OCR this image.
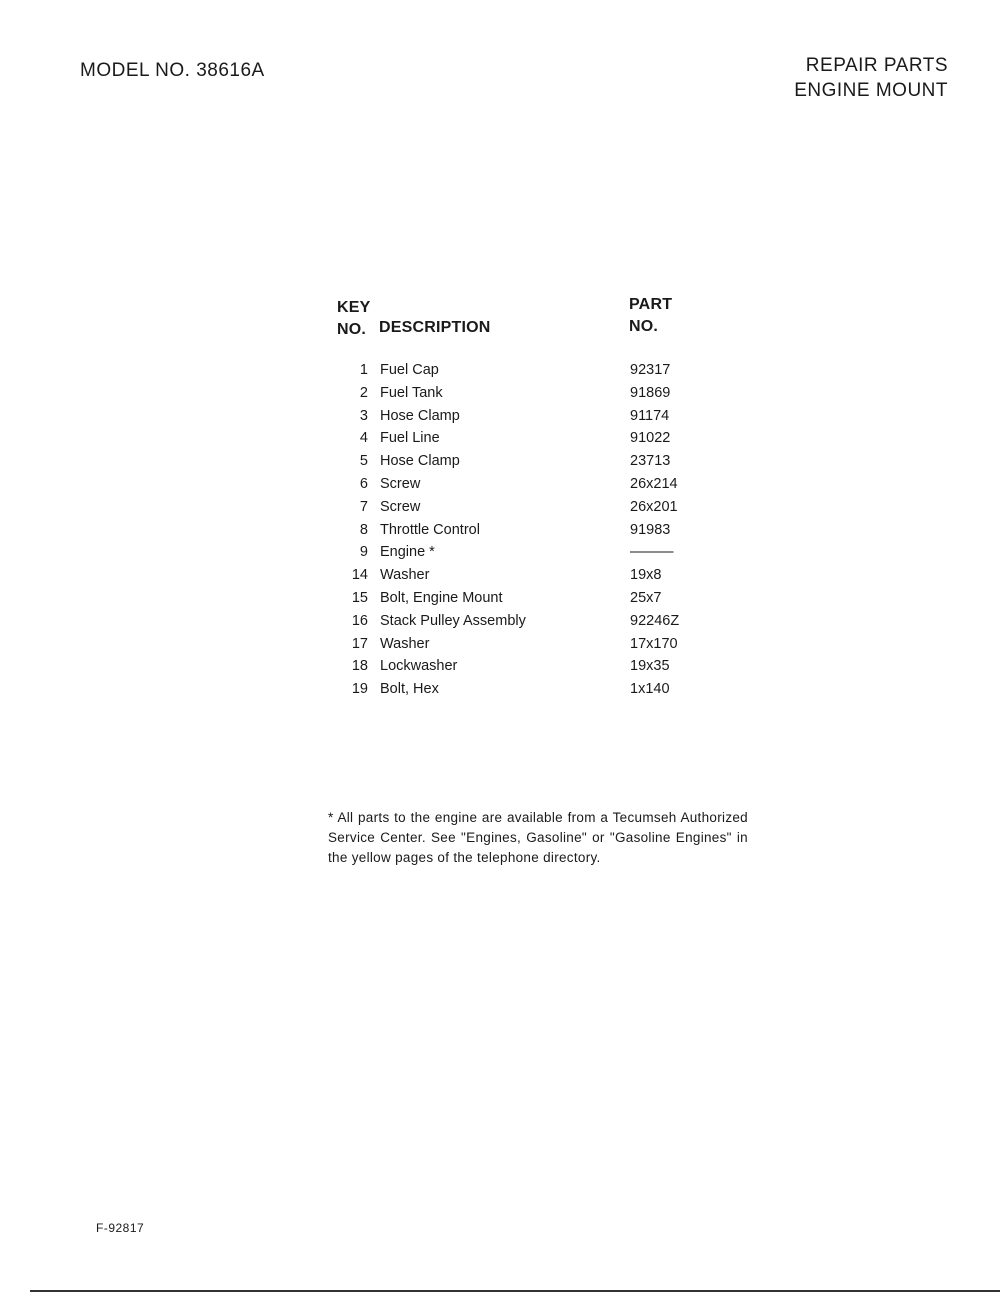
MODEL NO. 38616A	REPAIR PARTS
ENGINE MOUNT
KEY
NO. DESCRIPTION
PART
NO.
1 Fuel Cap	92317
2 Fuel Tank	91869
3 Hose Clamp	91174
4 Fuel Line	91022
5 Hose Clamp	23713
6 Screw	26x214
7 Screw	26x201
8 Throttle Control	91983
9 Engine *	———
14 Washer	19x8
15 Bolt, Engine Mount	25x7
16 Stack Pulley Assembly	92246Z
17 Washer	17x170
18 Lockwasher	19x35
19 Bolt, Hex	1x140
* All parts to the engine are available from a Tecumseh Authorized Service Center. See "Engines, Gasoline" or "Gasoline Engines" in the yellow pages of the telephone directory.
F-92817
